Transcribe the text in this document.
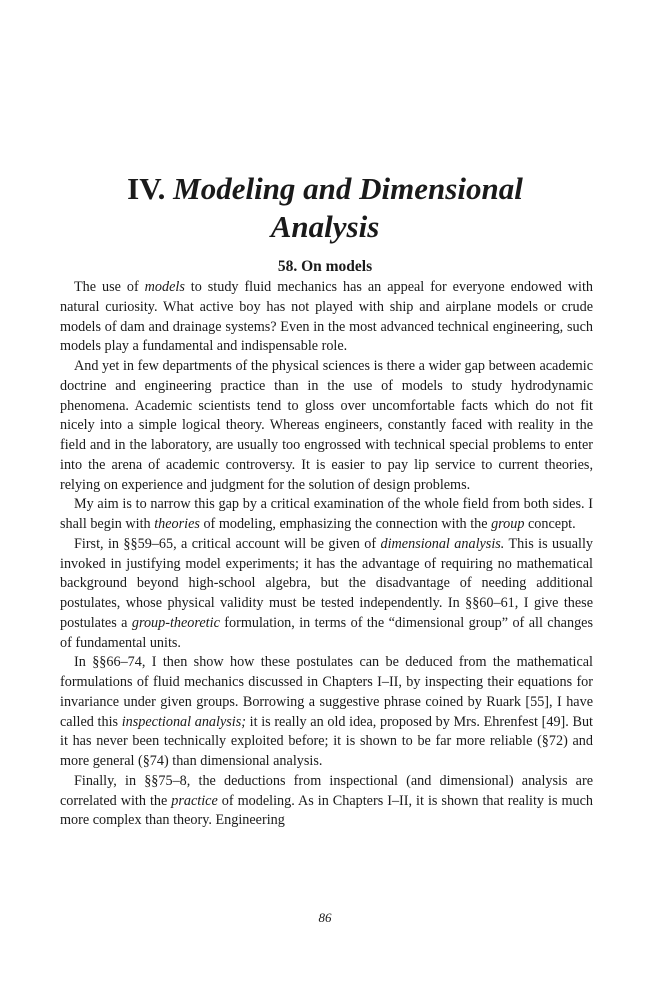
IV. Modeling and Dimensional
Analysis
58. On models

The use of models to study fluid mechanics has an appeal for everyone endowed with natural curiosity. What active boy has not played with ship and airplane models or crude models of dam and drainage systems? Even in the most advanced technical engineering, such models play a fundamental and indispensable role.

And yet in few departments of the physical sciences is there a wider gap between academic doctrine and engineering practice than in the use of models to study hydrodynamic phenomena. Academic scientists tend to gloss over uncomfortable facts which do not fit nicely into a simple logical theory. Whereas engineers, constantly faced with reality in the field and in the laboratory, are usually too engrossed with technical special problems to enter into the arena of academic controversy. It is easier to pay lip service to current theories, relying on experience and judgment for the solution of design problems.

My aim is to narrow this gap by a critical examination of the whole field from both sides. I shall begin with theories of modeling, emphasizing the connection with the group concept.

First, in §§59–65, a critical account will be given of dimensional analysis. This is usually invoked in justifying model experiments; it has the advantage of requiring no mathematical background beyond high-school algebra, but the disadvantage of needing additional postulates, whose physical validity must be tested independently. In §§60–61, I give these postulates a group-theoretic formulation, in terms of the “dimensional group” of all changes of fundamental units.

In §§66–74, I then show how these postulates can be deduced from the mathematical formulations of fluid mechanics discussed in Chapters I–II, by inspecting their equations for invariance under given groups. Borrowing a suggestive phrase coined by Ruark [55], I have called this inspectional analysis; it is really an old idea, proposed by Mrs. Ehrenfest [49]. But it has never been technically exploited before; it is shown to be far more reliable (§72) and more general (§74) than dimensional analysis.

Finally, in §§75–8, the deductions from inspectional (and dimensional) analysis are correlated with the practice of modeling. As in Chapters I–II, it is shown that reality is much more complex than theory. Engineering

86
